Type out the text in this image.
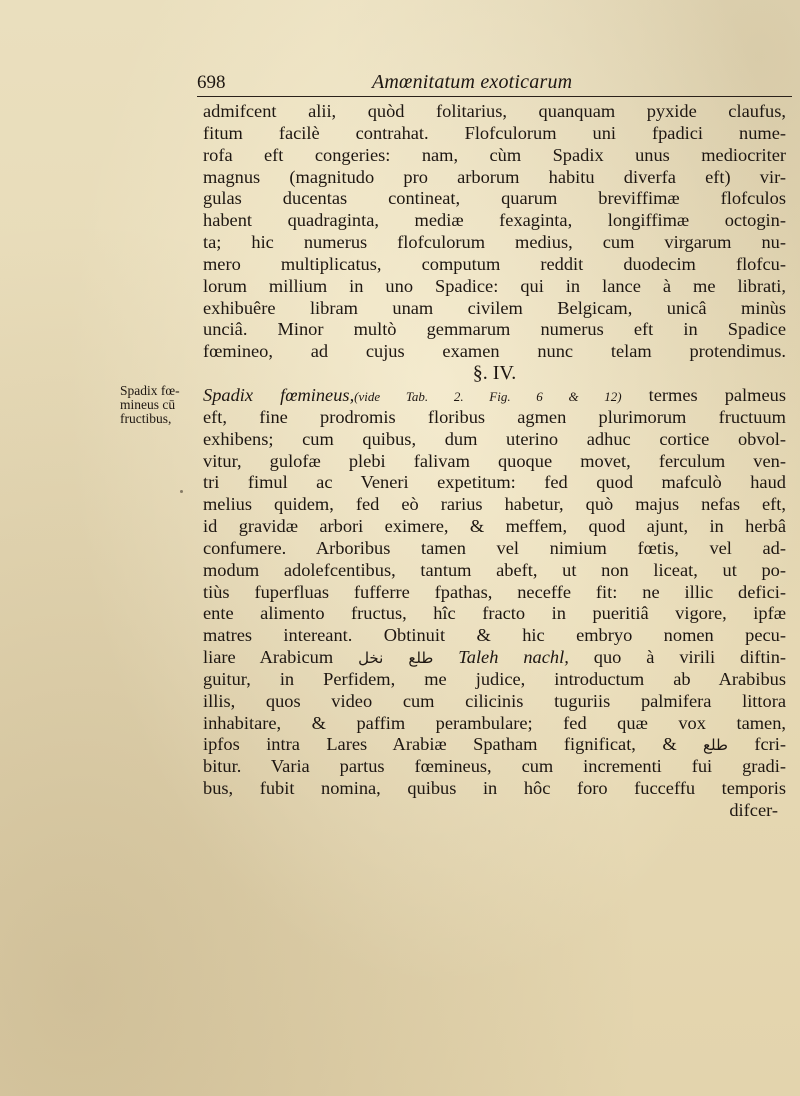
698	Amœnitatum exoticarum
Spadix fœ-
mineus cū
fructibus,
admifcent alii, quòd folitarius, quanquam pyxide claufus,
fitum facilè contrahat. Flofculorum uni fpadici nume-
rofa eft congeries: nam, cùm Spadix unus mediocriter
magnus (magnitudo pro arborum habitu diverfa eft) vir-
gulas ducentas contineat, quarum breviffimæ flofculos
habent quadraginta, mediæ fexaginta, longiffimæ octogin-
ta; hic numerus flofculorum medius, cum virgarum nu-
mero multiplicatus, computum reddit duodecim flofcu-
lorum millium in uno Spadice: qui in lance à me librati,
exhibuêre libram unam civilem Belgicam, unicâ minùs
unciâ. Minor multò gemmarum numerus eft in Spadice
fœmineo, ad cujus examen nunc telam protendimus.
§. IV.
Spadix fœmineus,(vide Tab. 2. Fig. 6 & 12) termes palmeus
eft, fine prodromis floribus agmen plurimorum fructuum
exhibens; cum quibus, dum uterino adhuc cortice obvol-
vitur, gulofæ plebi falivam quoque movet, ferculum ven-
tri fimul ac Veneri expetitum: fed quod mafculò haud
melius quidem, fed eò rarius habetur, quò majus nefas eft,
id gravidæ arbori eximere, & meffem, quod ajunt, in herbâ
confumere. Arboribus tamen vel nimium fœtis, vel ad-
modum adolefcentibus, tantum abeft, ut non liceat, ut po-
tiùs fuperfluas fufferre fpathas, neceffe fit: ne illic defici-
ente alimento fructus, hîc fracto in pueritiâ vigore, ipfæ
matres intereant. Obtinuit & hic embryo nomen pecu-
liare Arabicum طلع نخل Taleh nachl, quo à virili diftin-
guitur, in Perfidem, me judice, introductum ab Arabibus
illis, quos video cum cilicinis tuguriis palmifera littora
inhabitare, & paffim perambulare; fed quæ vox tamen,
ipfos intra Lares Arabiæ Spatham fignificat, & طلع fcri-
bitur. Varia partus fœmineus, cum incrementi fui gradi-
bus, fubit nomina, quibus in hôc foro fucceffu temporis
difcer-
